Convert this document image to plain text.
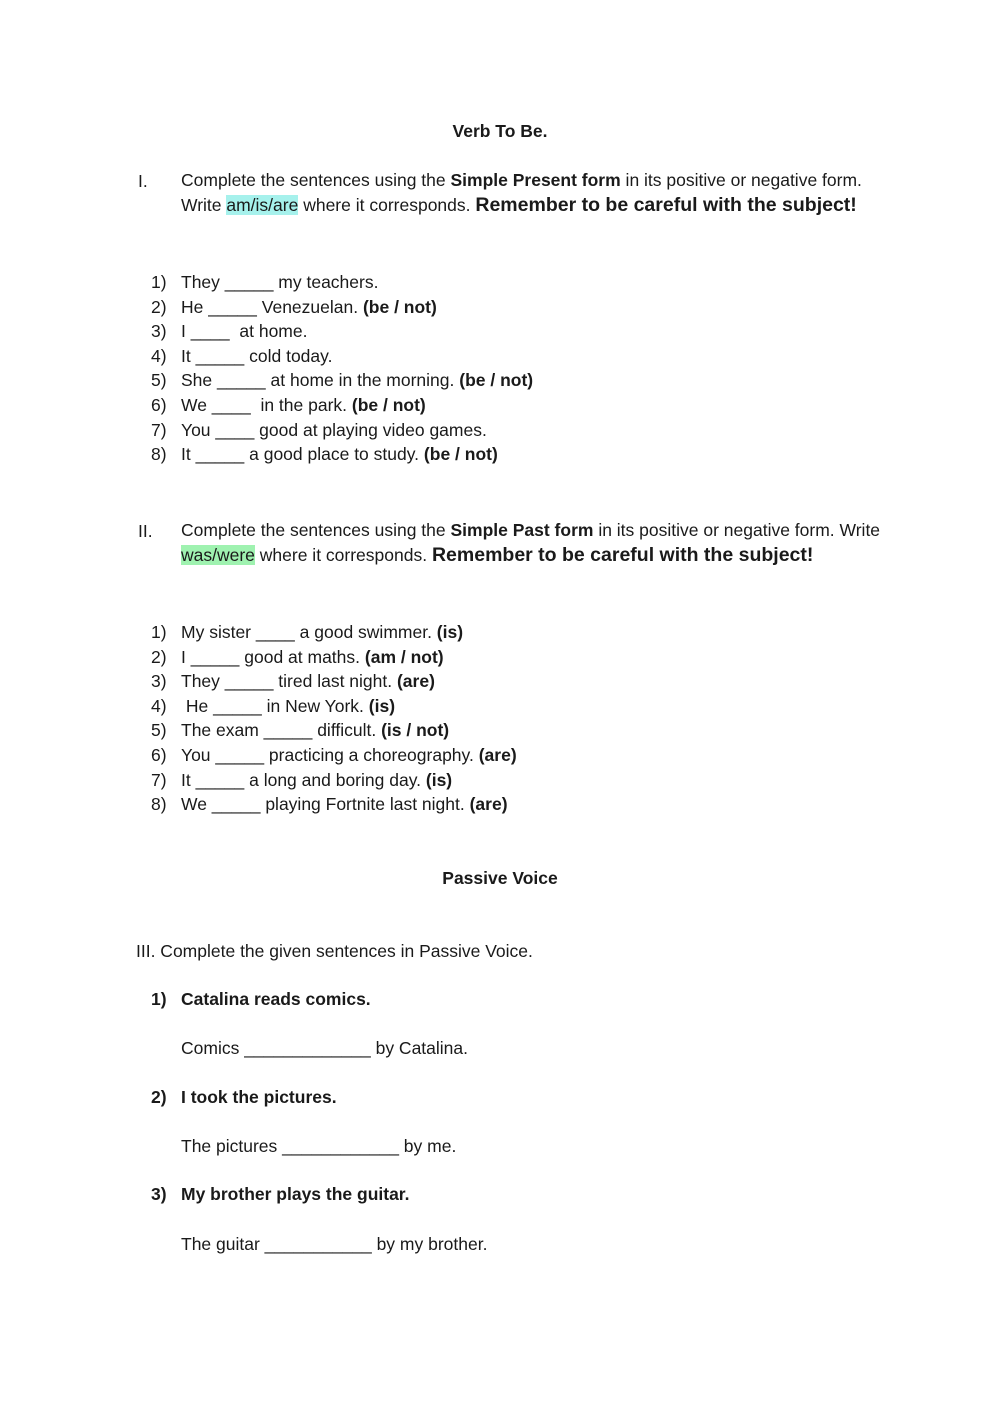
Verb To Be.
I. Complete the sentences using the Simple Present form in its positive or negative form. Write am/is/are where it corresponds. Remember to be careful with the subject!
1) They _____ my teachers.
2) He _____ Venezuelan. (be / not)
3) I ____  at home.
4) It _____ cold today.
5) She _____ at home in the morning. (be / not)
6) We ____  in the park. (be / not)
7) You ____ good at playing video games.
8) It _____ a good place to study. (be / not)
II. Complete the sentences using the Simple Past form in its positive or negative form. Write was/were where it corresponds. Remember to be careful with the subject!
1) My sister ____ a good swimmer. (is)
2) I _____ good at maths. (am / not)
3) They _____ tired last night. (are)
4) He _____ in New York. (is)
5) The exam _____ difficult. (is / not)
6) You _____ practicing a choreography. (are)
7) It _____ a long and boring day. (is)
8) We _____ playing Fortnite last night. (are)
Passive Voice
III. Complete the given sentences in Passive Voice.
1) Catalina reads comics.
Comics _____________ by Catalina.
2) I took the pictures.
The pictures ____________ by me.
3) My brother plays the guitar.
The guitar ___________ by my brother.
